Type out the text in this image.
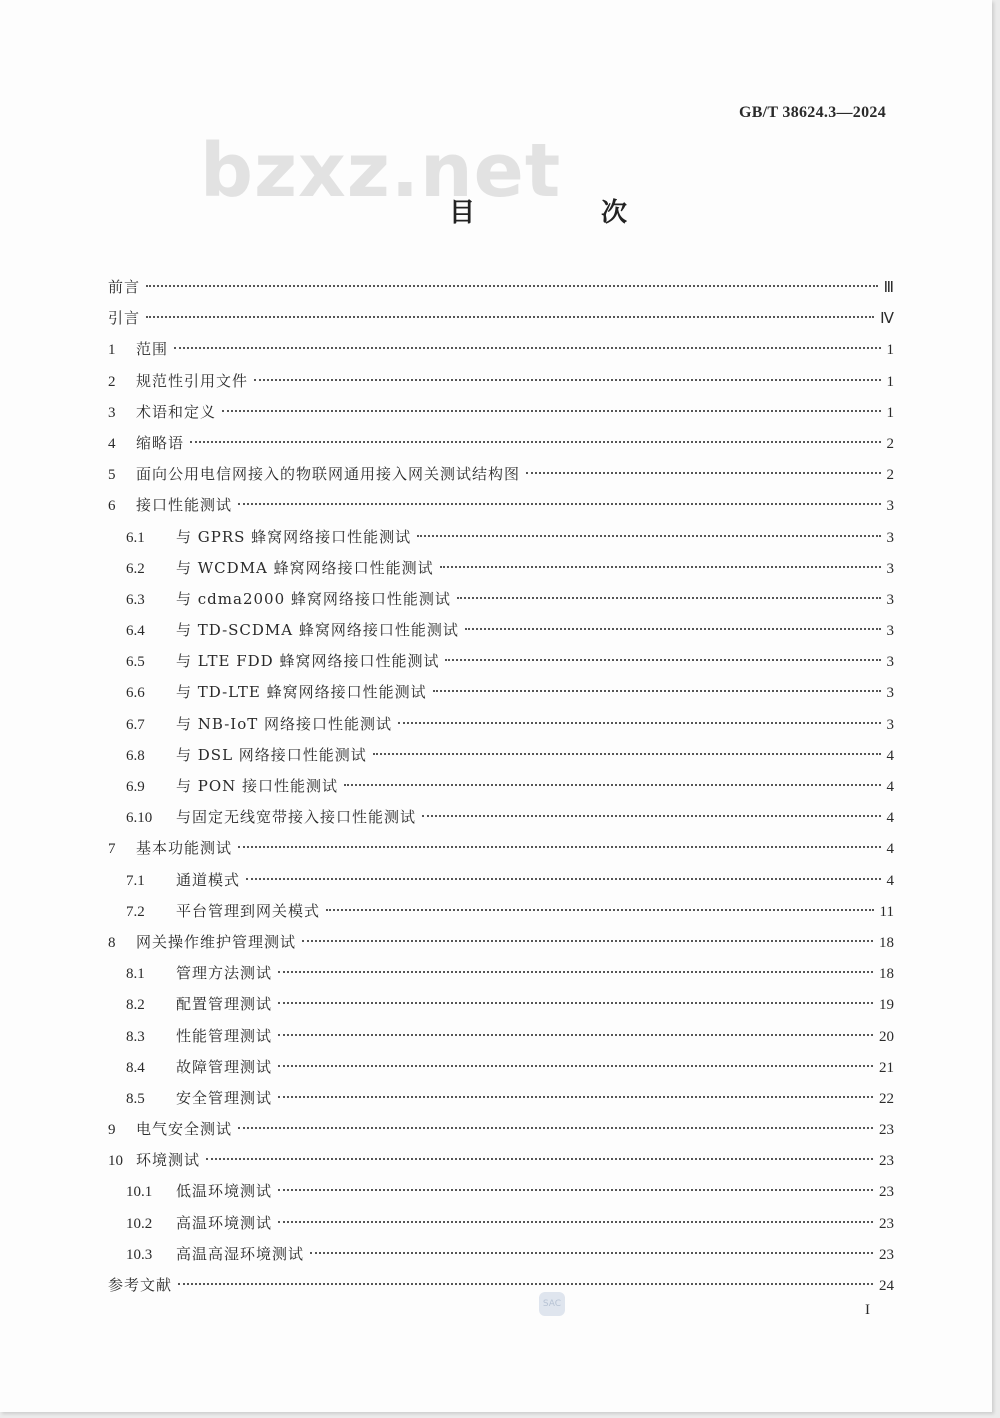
GB/T 38624.3—2024
bzxz.net
目　次
前言	Ⅲ
引言	Ⅳ
1	范围	1
2	规范性引用文件	1
3	术语和定义	1
4	缩略语	2
5	面向公用电信网接入的物联网通用接入网关测试结构图	2
6	接口性能测试	3
6.1	与 GPRS 蜂窝网络接口性能测试	3
6.2	与 WCDMA 蜂窝网络接口性能测试	3
6.3	与 cdma2000 蜂窝网络接口性能测试	3
6.4	与 TD-SCDMA 蜂窝网络接口性能测试	3
6.5	与 LTE FDD 蜂窝网络接口性能测试	3
6.6	与 TD-LTE 蜂窝网络接口性能测试	3
6.7	与 NB-IoT 网络接口性能测试	3
6.8	与 DSL 网络接口性能测试	4
6.9	与 PON 接口性能测试	4
6.10	与固定无线宽带接入接口性能测试	4
7	基本功能测试	4
7.1	通道模式	4
7.2	平台管理到网关模式	11
8	网关操作维护管理测试	18
8.1	管理方法测试	18
8.2	配置管理测试	19
8.3	性能管理测试	20
8.4	故障管理测试	21
8.5	安全管理测试	22
9	电气安全测试	23
10 环境测试	23
10.1	低温环境测试	23
10.2	高温环境测试	23
10.3	高温高湿环境测试	23
参考文献	24
SAC	I
